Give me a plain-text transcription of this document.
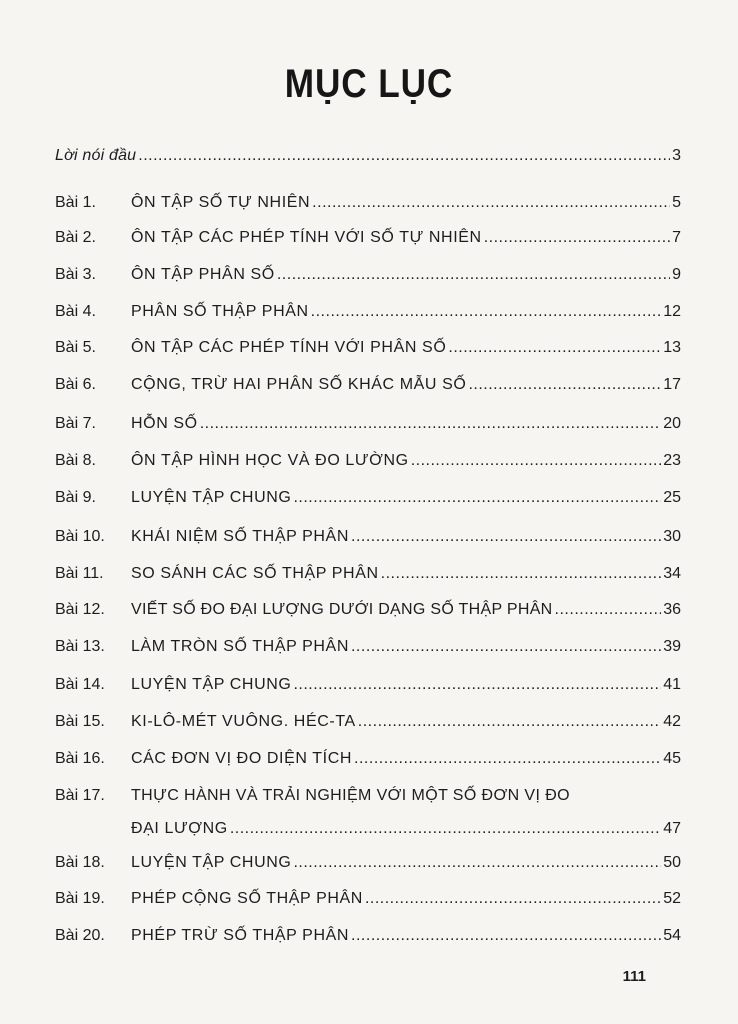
MỤC LỤC
Lời nói đầu .....	3
Bài 1. ÔN TẬP SỐ TỰ NHIÊN .....	5
Bài 2. ÔN TẬP CÁC PHÉP TÍNH VỚI SỐ TỰ NHIÊN .....	7
Bài 3. ÔN TẬP PHÂN SỐ .....	9
Bài 4. PHÂN SỐ THẬP PHÂN .....	12
Bài 5. ÔN TẬP CÁC PHÉP TÍNH VỚI PHÂN SỐ .....	13
Bài 6. CỘNG, TRỪ HAI PHÂN SỐ KHÁC MẪU SỐ .....	17
Bài 7. HỖN SỐ .....	20
Bài 8. ÔN TẬP HÌNH HỌC VÀ ĐO LƯỜNG .....	23
Bài 9. LUYỆN TẬP CHUNG .....	25
Bài 10. KHÁI NIỆM SỐ THẬP PHÂN .....	30
Bài 11. SO SÁNH CÁC SỐ THẬP PHÂN .....	34
Bài 12. VIẾT SỐ ĐO ĐẠI LƯỢNG DƯỚI DẠNG SỐ THẬP PHÂN .....	36
Bài 13. LÀM TRÒN SỐ THẬP PHÂN .....	39
Bài 14. LUYỆN TẬP CHUNG .....	41
Bài 15. KI-LÔ-MÉT VUÔNG. HÉC-TA .....	42
Bài 16. CÁC ĐƠN VỊ ĐO DIỆN TÍCH .....	45
Bài 17. THỰC HÀNH VÀ TRẢI NGHIỆM VỚI MỘT SỐ ĐƠN VỊ ĐO
ĐẠI LƯỢNG .....	47
Bài 18. LUYỆN TẬP CHUNG .....	50
Bài 19. PHÉP CỘNG SỐ THẬP PHÂN .....	52
Bài 20. PHÉP TRỪ SỐ THẬP PHÂN .....	54
111
